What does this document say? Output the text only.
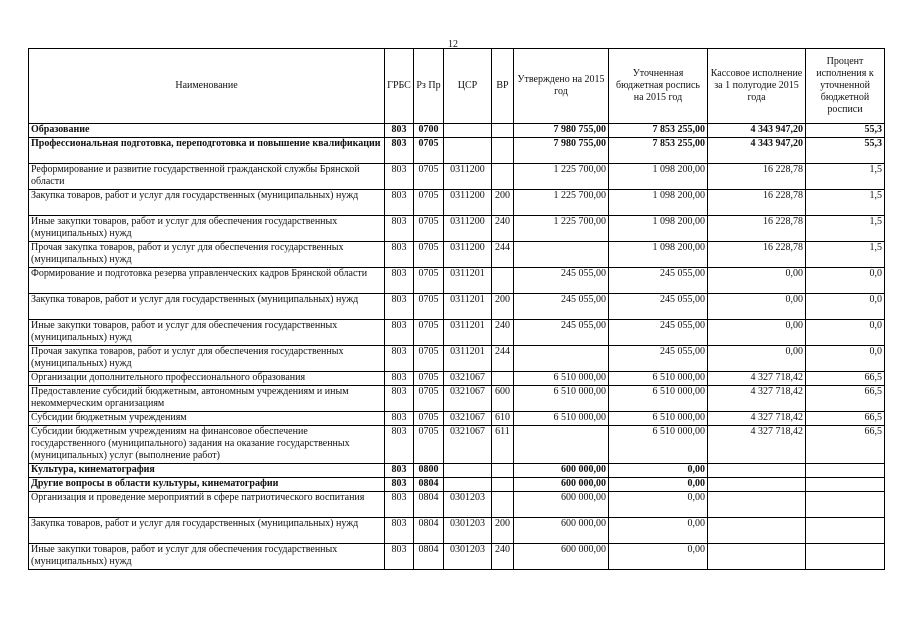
12
Наименование	ГРБС	Рз Пр	ЦСР	ВР	Утверждено на 2015 год	Уточненная бюджетная роспись на 2015 год	Кассовое исполнение за 1 полугодие 2015 года	Процент исполнения к уточненной бюджетной росписи
Образование	803	0700			7 980 755,00	7 853 255,00	4 343 947,20	55,3
Профессиональная подготовка, переподготовка и повышение квалификации	803	0705			7 980 755,00	7 853 255,00	4 343 947,20	55,3
Реформирование и развитие государственной гражданской службы Брянской области	803	0705	0311200		1 225 700,00	1 098 200,00	16 228,78	1,5
Закупка товаров, работ и услуг для государственных (муниципальных) нужд	803	0705	0311200	200	1 225 700,00	1 098 200,00	16 228,78	1,5
Иные закупки товаров, работ и услуг для обеспечения государственных (муниципальных) нужд	803	0705	0311200	240	1 225 700,00	1 098 200,00	16 228,78	1,5
Прочая закупка товаров, работ и услуг для обеспечения государственных (муниципальных) нужд	803	0705	0311200	244		1 098 200,00	16 228,78	1,5
Формирование и подготовка резерва управленческих кадров Брянской области	803	0705	0311201		245 055,00	245 055,00	0,00	0,0
Закупка товаров, работ и услуг для государственных (муниципальных) нужд	803	0705	0311201	200	245 055,00	245 055,00	0,00	0,0
Иные закупки товаров, работ и услуг для обеспечения государственных (муниципальных) нужд	803	0705	0311201	240	245 055,00	245 055,00	0,00	0,0
Прочая закупка товаров, работ и услуг для обеспечения государственных (муниципальных) нужд	803	0705	0311201	244		245 055,00	0,00	0,0
Организации дополнительного профессионального образования	803	0705	0321067		6 510 000,00	6 510 000,00	4 327 718,42	66,5
Предоставление субсидий бюджетным, автономным учреждениям и иным некоммерческим организациям	803	0705	0321067	600	6 510 000,00	6 510 000,00	4 327 718,42	66,5
Субсидии бюджетным учреждениям	803	0705	0321067	610	6 510 000,00	6 510 000,00	4 327 718,42	66,5
Субсидии бюджетным учреждениям на финансовое обеспечение государственного (муниципального) задания на оказание государственных (муниципальных) услуг (выполнение работ)	803	0705	0321067	611		6 510 000,00	4 327 718,42	66,5
Культура, кинематография	803	0800			600 000,00	0,00		
Другие вопросы в области культуры, кинематографии	803	0804			600 000,00	0,00		
Организация и проведение мероприятий в сфере патриотического воспитания	803	0804	0301203		600 000,00	0,00		
Закупка товаров, работ и услуг для государственных (муниципальных) нужд	803	0804	0301203	200	600 000,00	0,00		
Иные закупки товаров, работ и услуг для обеспечения государственных (муниципальных) нужд	803	0804	0301203	240	600 000,00	0,00		
